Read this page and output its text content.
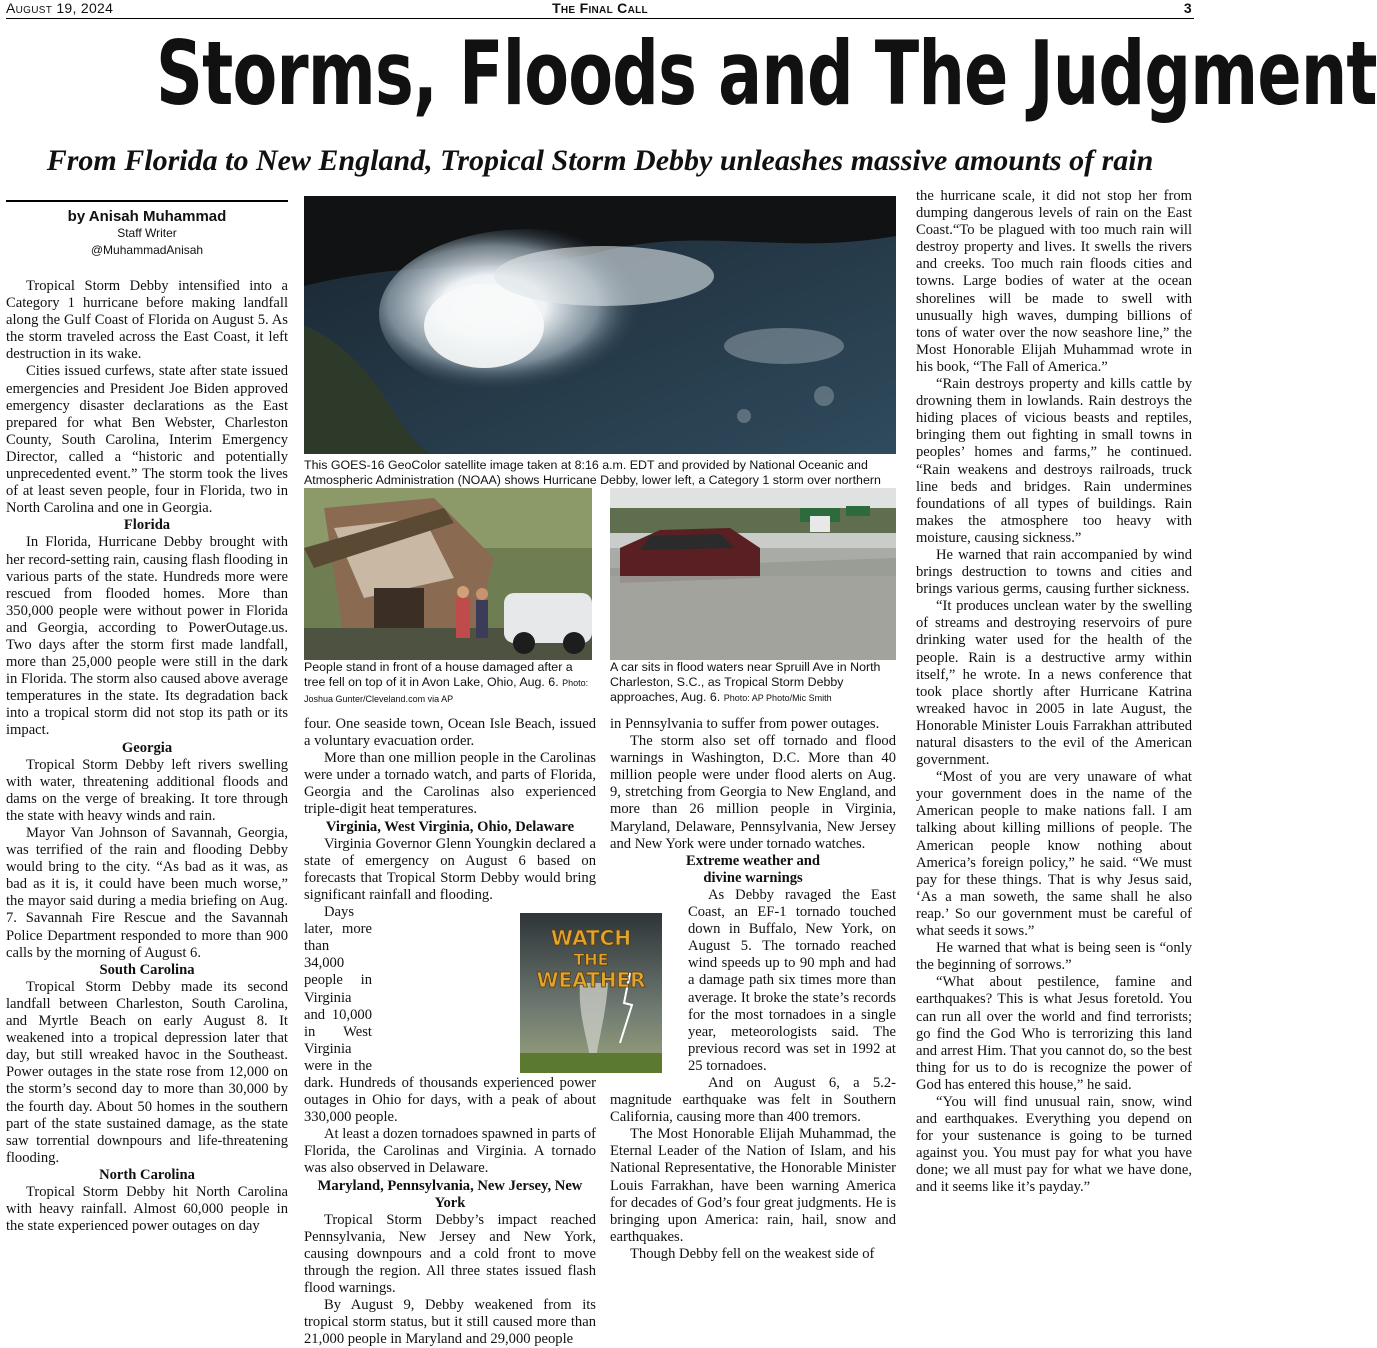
August 19, 2024	The Final Call	3
Storms, Floods and The Judgment
From Florida to New England, Tropical Storm Debby unleashes massive amounts of rain
by Anisah Muhammad
Staff Writer
@MuhammadAnisah

Tropical Storm Debby intensified into a Category 1 hurricane before making landfall along the Gulf Coast of Florida on August 5. As the storm traveled across the East Coast, it left destruction in its wake.

Cities issued curfews, state after state issued emergencies and President Joe Biden approved emergency disaster declarations as the East prepared for what Ben Webster, Charleston County, South Carolina, Interim Emergency Director, called a “historic and potentially unprecedented event.” The storm took the lives of at least seven people, four in Florida, two in North Carolina and one in Georgia.

Florida

In Florida, Hurricane Debby brought with her record-setting rain, causing flash flooding in various parts of the state. Hundreds more were rescued from flooded homes. More than 350,000 people were without power in Florida and Georgia, according to PowerOutage.us. Two days after the storm first made landfall, more than 25,000 people were still in the dark in Florida. The storm also caused above average temperatures in the state. Its degradation back into a tropical storm did not stop its path or its impact.

Georgia

Tropical Storm Debby left rivers swelling with water, threatening additional floods and dams on the verge of breaking. It tore through the state with heavy winds and rain.

Mayor Van Johnson of Savannah, Georgia, was terrified of the rain and flooding Debby would bring to the city. “As bad as it was, as bad as it is, it could have been much worse,” the mayor said during a media briefing on Aug. 7. Savannah Fire Rescue and the Savannah Police Department responded to more than 900 calls by the morning of August 6.

South Carolina

Tropical Storm Debby made its second landfall between Charleston, South Carolina, and Myrtle Beach on early August 8. It weakened into a tropical depression later that day, but still wreaked havoc in the Southeast. Power outages in the state rose from 12,000 on the storm’s second day to more than 30,000 by the fourth day. About 50 homes in the southern part of the state sustained damage, as the state saw torrential downpours and life-threatening flooding.

North Carolina

Tropical Storm Debby hit North Carolina with heavy rainfall. Almost 60,000 people in the state experienced power outages on day

This GOES-16 GeoColor satellite image taken at 8:16 a.m. EDT and provided by National Oceanic and Atmospheric Administration (NOAA) shows Hurricane Debby, lower left, a Category 1 storm over northern
People stand in front of a house damaged after a tree fell on top of it in Avon Lake, Ohio, Aug. 6. Photo: Joshua Gunter/Cleveland.com via AP
A car sits in flood waters near Spruill Ave in North Charleston, S.C., as Tropical Storm Debby approaches, Aug. 6. Photo: AP Photo/Mic Smith
WATCH
THE
WEATHER

four. One seaside town, Ocean Isle Beach, issued a voluntary evacuation order.

More than one million people in the Carolinas were under a tornado watch, and parts of Florida, Georgia and the Carolinas also experienced triple-digit heat temperatures.

Virginia, West Virginia, Ohio, Delaware

Virginia Governor Glenn Youngkin declared a state of emergency on August 6 based on forecasts that Tropical Storm Debby would bring significant rainfall and flooding.

Days later, more than 34,000 people in Virginia and 10,000 in West Virginia were in the dark. Hundreds of thousands experienced power outages in Ohio for days, with a peak of about 330,000 people.

At least a dozen tornadoes spawned in parts of Florida, the Carolinas and Virginia. A tornado was also observed in Delaware.

Maryland, Pennsylvania, New Jersey, New York

Tropical Storm Debby’s impact reached Pennsylvania, New Jersey and New York, causing downpours and a cold front to move through the region. All three states issued flash flood warnings.

By August 9, Debby weakened from its tropical storm status, but it still caused more than 21,000 people in Maryland and 29,000 people

in Pennsylvania to suffer from power outages.

The storm also set off tornado and flood warnings in Washington, D.C. More than 40 million people were under flood alerts on Aug. 9, stretching from Georgia to New England, and more than 26 million people in Virginia, Maryland, Delaware, Pennsylvania, New Jersey and New York were under tornado watches.

Extreme weather and
divine warnings

As Debby ravaged the East Coast, an EF-1 tornado touched down in Buffalo, New York, on August 5. The tornado reached wind speeds up to 90 mph and had a damage path six times more than average. It broke the state’s records for the most tornadoes in a single year, meteorologists said. The previous record was set in 1992 at 25 tornadoes.

And on August 6, a 5.2-magnitude earthquake was felt in Southern California, causing more than 400 tremors.

The Most Honorable Elijah Muhammad, the Eternal Leader of the Nation of Islam, and his National Representative, the Honorable Minister Louis Farrakhan, have been warning America for decades of God’s four great judgments. He is bringing upon America: rain, hail, snow and earthquakes.

Though Debby fell on the weakest side of

the hurricane scale, it did not stop her from dumping dangerous levels of rain on the East Coast.“To be plagued with too much rain will destroy property and lives. It swells the rivers and creeks. Too much rain floods cities and towns. Large bodies of water at the ocean shorelines will be made to swell with unusually high waves, dumping billions of tons of water over the now seashore line,” the Most Honorable Elijah Muhammad wrote in his book, “The Fall of America.”

“Rain destroys property and kills cattle by drowning them in lowlands. Rain destroys the hiding places of vicious beasts and reptiles, bringing them out fighting in small towns in peoples’ homes and farms,” he continued. “Rain weakens and destroys railroads, truck line beds and bridges. Rain undermines foundations of all types of buildings. Rain makes the atmosphere too heavy with moisture, causing sickness.”

He warned that rain accompanied by wind brings destruction to towns and cities and brings various germs, causing further sickness.

“It produces unclean water by the swelling of streams and destroying reservoirs of pure drinking water used for the health of the people. Rain is a destructive army within itself,” he wrote. In a news conference that took place shortly after Hurricane Katrina wreaked havoc in 2005 in late August, the Honorable Minister Louis Farrakhan attributed natural disasters to the evil of the American government.

“Most of you are very unaware of what your government does in the name of the American people to make nations fall. I am talking about killing millions of people. The American people know nothing about America’s foreign policy,” he said. “We must pay for these things. That is why Jesus said, ‘As a man soweth, the same shall he also reap.’ So our government must be careful of what seeds it sows.”

He warned that what is being seen is “only the beginning of sorrows.”

“What about pestilence, famine and earthquakes? This is what Jesus foretold. You can run all over the world and find terrorists; go find the God Who is terrorizing this land and arrest Him. That you cannot do, so the best thing for us to do is recognize the power of God has entered this house,” he said.

“You will find unusual rain, snow, wind and earthquakes. Everything you depend on for your sustenance is going to be turned against you. You must pay for what you have done; we all must pay for what we have done, and it seems like it’s payday.”
